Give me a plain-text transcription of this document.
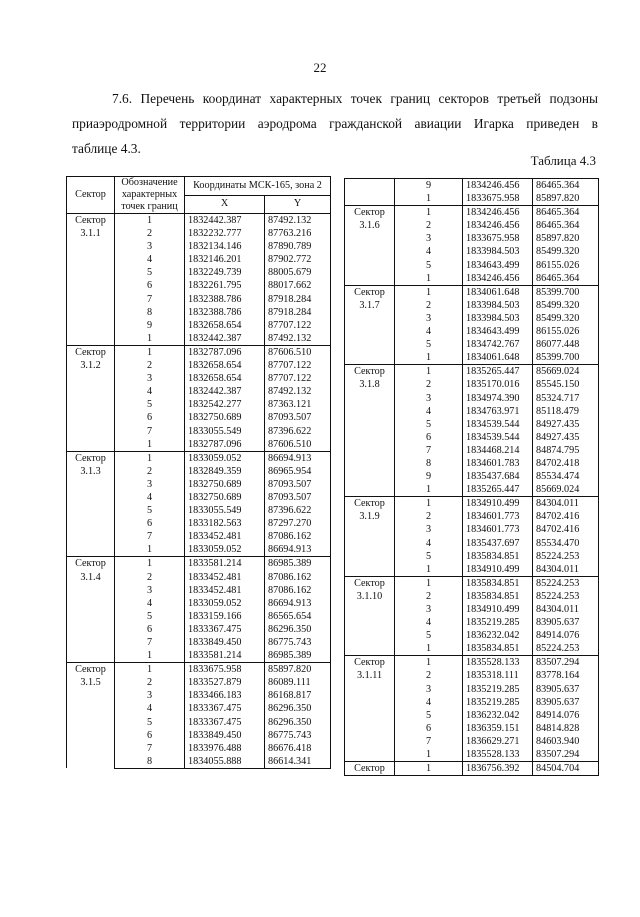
22
7.6. Перечень координат характерных точек границ секторов третьей подзоны
приаэродромной территории аэродрома гражданской авиации Игарка приведен в
таблице 4.3.
Таблица 4.3
Сектор	Обозначение характерных точек границ	Координаты МСК-165, зона 2	
		X	Y
Сектор 3.1.1	1	1832442.387	87492.132
	2	1832232.777	87763.216
	3	1832134.146	87890.789
	4	1832146.201	87902.772
	5	1832249.739	88005.679
	6	1832261.795	88017.662
	7	1832388.786	87918.284
	8	1832388.786	87918.284
	9	1832658.654	87707.122
	1	1832442.387	87492.132
Сектор 3.1.2	1	1832787.096	87606.510
	2	1832658.654	87707.122
	3	1832658.654	87707.122
	4	1832442.387	87492.132
	5	1832542.277	87363.121
	6	1832750.689	87093.507
	7	1833055.549	87396.622
	1	1832787.096	87606.510
Сектор 3.1.3	1	1833059.052	86694.913
	2	1832849.359	86965.954
	3	1832750.689	87093.507
	4	1832750.689	87093.507
	5	1833055.549	87396.622
	6	1833182.563	87297.270
	7	1833452.481	87086.162
	1	1833059.052	86694.913
Сектор 3.1.4	1	1833581.214	86985.389
	2	1833452.481	87086.162
	3	1833452.481	87086.162
	4	1833059.052	86694.913
	5	1833159.166	86565.654
	6	1833367.475	86296.350
	7	1833849.450	86775.743
	1	1833581.214	86985.389
Сектор 3.1.5	1	1833675.958	85897.820
	2	1833527.879	86089.111
	3	1833466.183	86168.817
	4	1833367.475	86296.350
	5	1833367.475	86296.350
	6	1833849.450	86775.743
	7	1833976.488	86676.418
	8	1834055.888	86614.341
	9	1834246.456	86465.364
	1	1833675.958	85897.820
Сектор 3.1.6	1	1834246.456	86465.364
	2	1834246.456	86465.364
	3	1833675.958	85897.820
	4	1833984.503	85499.320
	5	1834643.499	86155.026
	1	1834246.456	86465.364
Сектор 3.1.7	1	1834061.648	85399.700
	2	1833984.503	85499.320
	3	1833984.503	85499.320
	4	1834643.499	86155.026
	5	1834742.767	86077.448
	1	1834061.648	85399.700
Сектор 3.1.8	1	1835265.447	85669.024
	2	1835170.016	85545.150
	3	1834974.390	85324.717
	4	1834763.971	85118.479
	5	1834539.544	84927.435
	6	1834539.544	84927.435
	7	1834468.214	84874.795
	8	1834601.783	84702.418
	9	1835437.684	85534.474
	1	1835265.447	85669.024
Сектор 3.1.9	1	1834910.499	84304.011
	2	1834601.773	84702.416
	3	1834601.773	84702.416
	4	1835437.697	85534.470
	5	1835834.851	85224.253
	1	1834910.499	84304.011
Сектор 3.1.10	1	1835834.851	85224.253
	2	1835834.851	85224.253
	3	1834910.499	84304.011
	4	1835219.285	83905.637
	5	1836232.042	84914.076
	1	1835834.851	85224.253
Сектор 3.1.11	1	1835528.133	83507.294
	2	1835318.111	83778.164
	3	1835219.285	83905.637
	4	1835219.285	83905.637
	5	1836232.042	84914.076
	6	1836359.151	84814.828
	7	1836629.271	84603.940
	1	1835528.133	83507.294
Сектор	1	1836756.392	84504.704
